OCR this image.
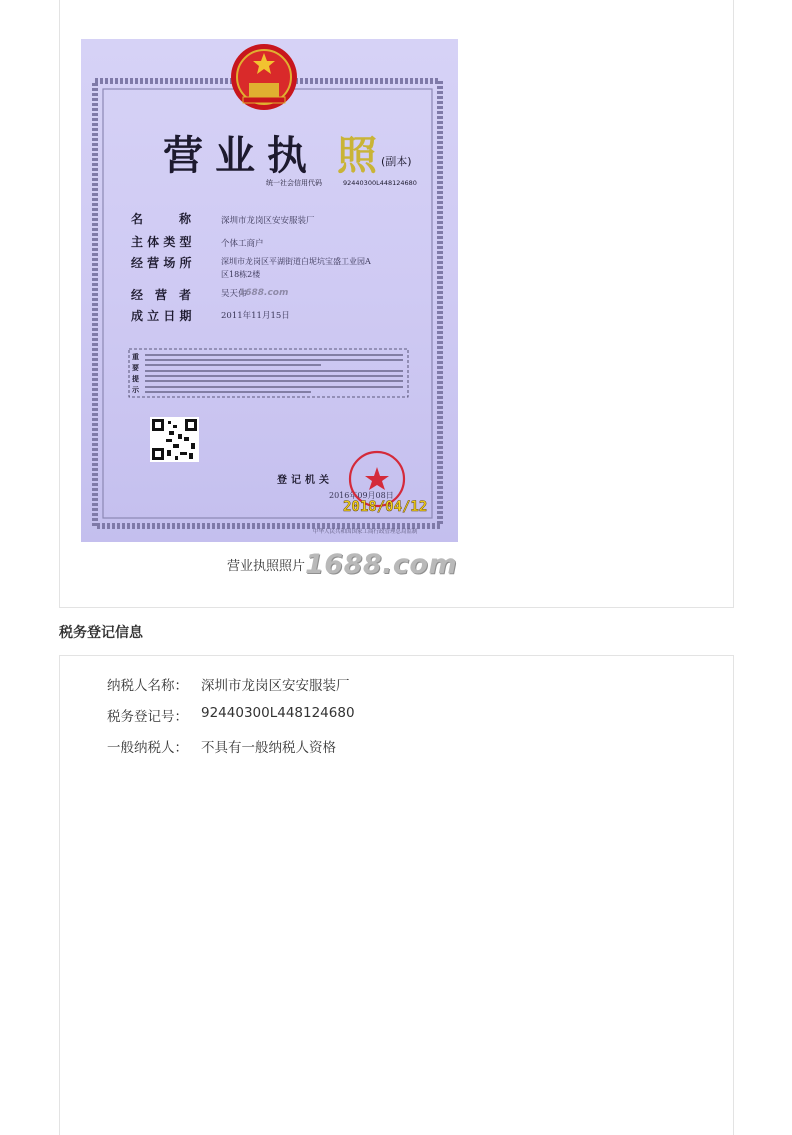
营业执 照 (副本)
统一社会信用代码	92440300L448124680
名　　　称	深圳市龙岗区安安服装厂
主 体 类 型	个体工商户
经 营 场 所	深圳市龙岗区平湖街道白坭坑宝盛工业园A
区18栋2楼
经　营　者	吴天伟
成 立 日 期	2011年11月15日
1688.com
重
要
提
示
登记机关
2016年09月08日
2018/04/12
中华人民共和国国家工商行政管理总局监制
营业执照照片 1688.com
税务登记信息
纳税人名称： 深圳市龙岗区安安服装厂
税务登记号： 92440300L448124680
一般纳税人： 不具有一般纳税人资格
